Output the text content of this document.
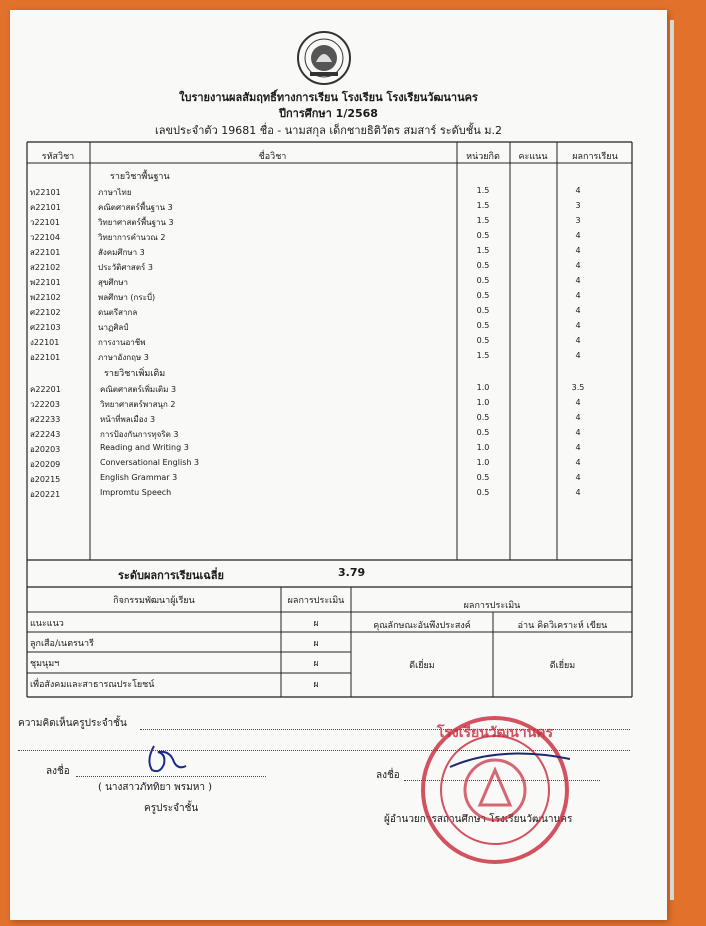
ใบรายงานผลสัมฤทธิ์ทางการเรียน โรงเรียน โรงเรียนวัฒนานคร
ปีการศึกษา 1/2568
เลขประจำตัว 19681 ชื่อ - นามสกุล เด็กชายธิติวัตร สมสาร์ ระดับชั้น ม.2
รหัสวิชา	ชื่อวิชา	หน่วยกิต	คะแนน	ผลการเรียน
รายวิชาพื้นฐาน
รายวิชาเพิ่มเติม
ท22101	ภาษาไทย	1.5	4
ค22101	คณิตศาสตร์พื้นฐาน 3	1.5	3
ว22101	วิทยาศาสตร์พื้นฐาน 3	1.5	3
ว22104	วิทยาการคำนวณ 2	0.5	4
ส22101	สังคมศึกษา 3	1.5	4
ส22102	ประวัติศาสตร์ 3	0.5	4
พ22101	สุขศึกษา	0.5	4
พ22102	พลศึกษา (กระบี่)	0.5	4
ศ22102	ดนตรีสากล	0.5	4
ศ22103	นาฏศิลป์	0.5	4
ง22101	การงานอาชีพ	0.5	4
อ22101	ภาษาอังกฤษ 3	1.5	4
ค22201	คณิตศาสตร์เพิ่มเติม 3	1.0	3.5
ว22203	วิทยาศาสตร์พาสนุก 2	1.0	4
ส22233	หน้าที่พลเมือง 3	0.5	4
ส22243	การป้องกันการทุจริต 3	0.5	4
อ20203	Reading and Writing 3	1.0	4
อ20209	Conversational English 3	1.0	4
อ20215	English Grammar 3	0.5	4
อ20221	Impromtu Speech	0.5	4
ระดับผลการเรียนเฉลี่ย	3.79
กิจกรรมพัฒนาผู้เรียน	ผลการประเมิน	ผลการประเมิน
คุณลักษณะอันพึงประสงค์	อ่าน คิดวิเคราะห์ เขียน
ดีเยี่ยม	ดีเยี่ยม
แนะแนว	ผ
ลูกเสือ/เนตรนารี	ผ
ชุมนุมฯ	ผ
เพื่อสังคมและสาธารณประโยชน์	ผ
ความคิดเห็นครูประจำชั้น
ลงชื่อ
( นางสาวภัททิยา พรมหา )
ครูประจำชั้น
ลงชื่อ
ผู้อำนวยการสถานศึกษา โรงเรียนวัฒนานคร
โรงเรียนวัฒนานคร
